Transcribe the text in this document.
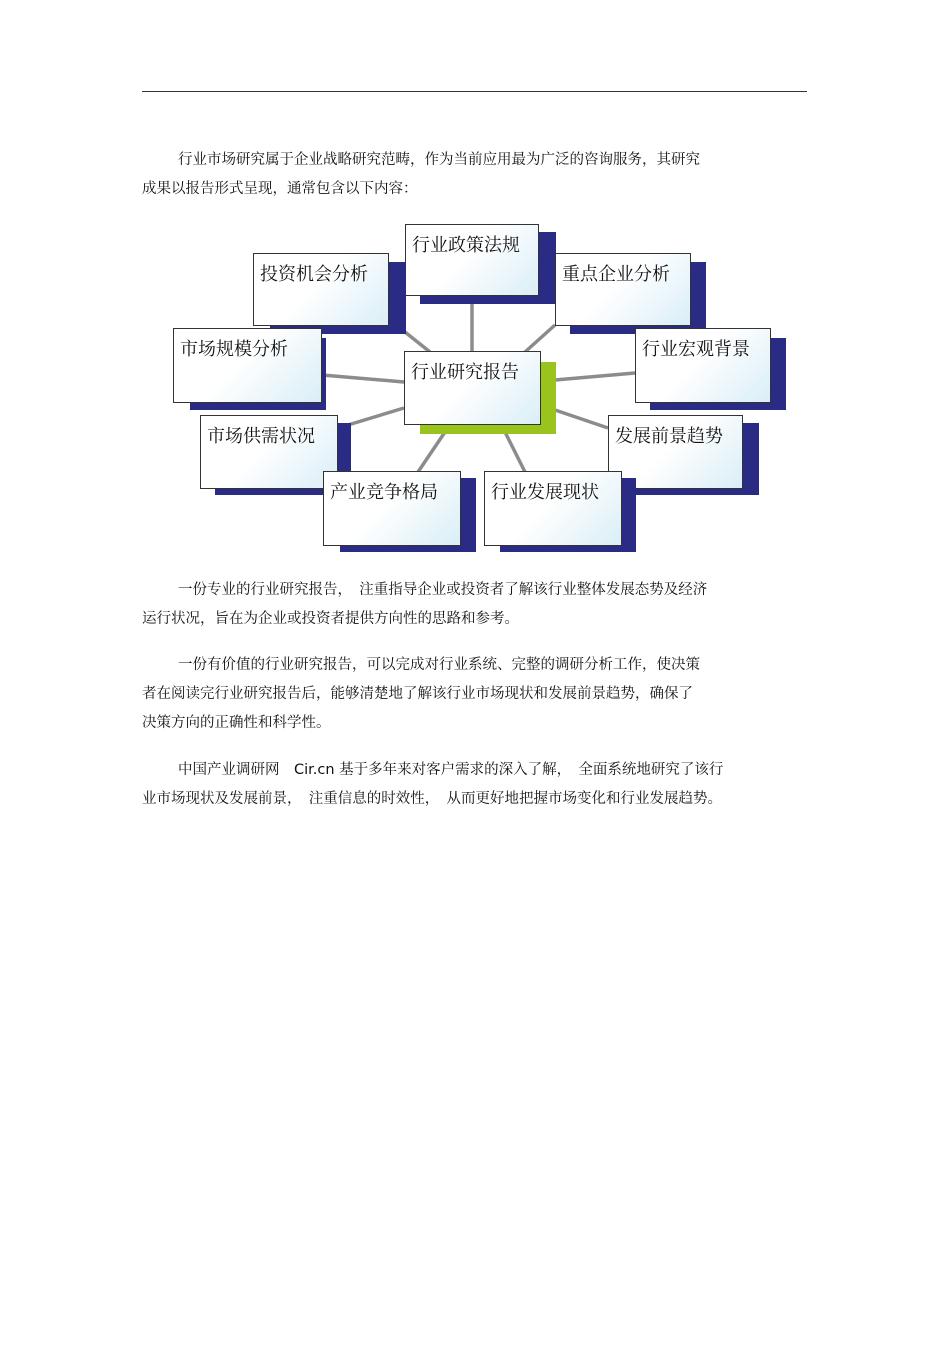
行业市场研究属于企业战略研究范畴，作为当前应用最为广泛的咨询服务，其研究

成果以报告形式呈现，通常包含以下内容：

行业政策法规
投资机会分析	重点企业分析
市场规模分析	行业宏观背景
市场供需状况	发展前景趋势
产业竞争格局	行业发展现状
行业研究报告

一份专业的行业研究报告，　注重指导企业或投资者了解该行业整体发展态势及经济

运行状况，旨在为企业或投资者提供方向性的思路和参考。

一份有价值的行业研究报告，可以完成对行业系统、完整的调研分析工作，使决策

者在阅读完行业研究报告后，能够清楚地了解该行业市场现状和发展前景趋势，确保了

决策方向的正确性和科学性。

中国产业调研网　Cir.cn 基于多年来对客户需求的深入了解，　全面系统地研究了该行

业市场现状及发展前景，　注重信息的时效性，　从而更好地把握市场变化和行业发展趋势。
